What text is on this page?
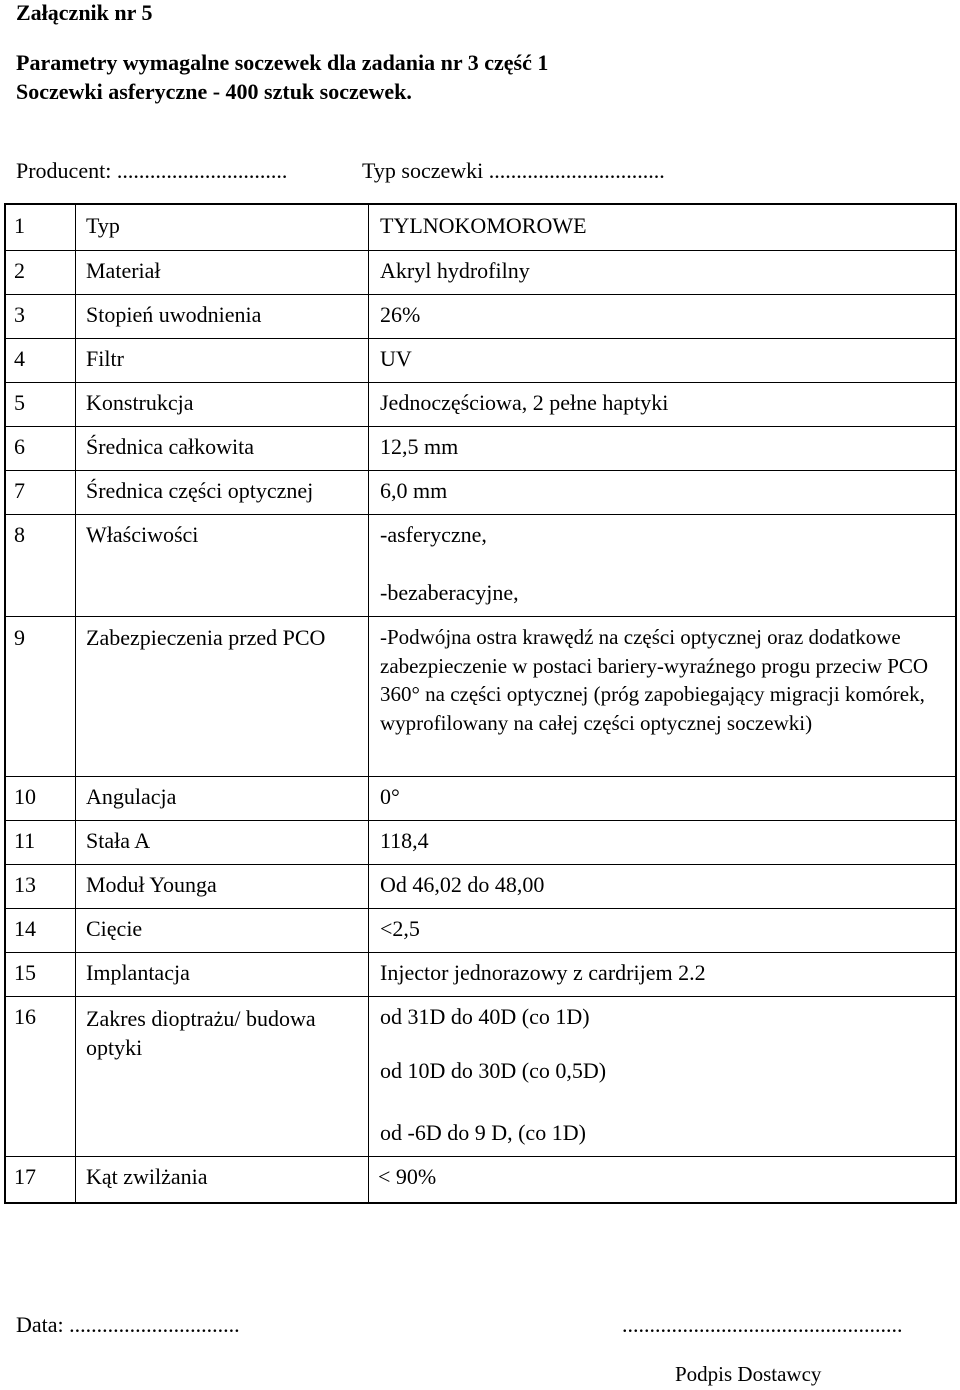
Załącznik nr 5
Parametry wymagalne soczewek dla zadania nr 3 część 1
Soczewki asferyczne - 400 sztuk soczewek.
Producent: ...............................	Typ soczewki ................................
1	Typ	TYLNOKOMOROWE
2	Materiał	Akryl hydrofilny
3	Stopień uwodnienia	26%
4	Filtr	UV
5	Konstrukcja	Jednoczęściowa, 2 pełne haptyki
6	Średnica całkowita	12,5 mm
7	Średnica części optycznej	6,0 mm
8	Właściwości	-asferyczne,
-bezaberacyjne,
9	Zabezpieczenia przed PCO	-Podwójna ostra krawędź na części optycznej oraz dodatkowe zabezpieczenie w postaci bariery-wyraźnego progu przeciw PCO 360° na części optycznej (próg zapobiegający migracji komórek, wyprofilowany na całej części optycznej soczewki)
10 Angulacja	0°
11 Stała A	118,4
13 Moduł Younga	Od 46,02 do 48,00
14 Cięcie	<2,5
15 Implantacja	Injector jednorazowy z cardrijem 2.2
16 Zakres dioptrażu/ budowa optyki
od 31D do 40D (co 1D)
od 10D do 30D (co 0,5D)
od -6D do 9 D, (co 1D)
17 Kąt zwilżania	< 90%
Data: ...............................	...................................................
Podpis Dostawcy
